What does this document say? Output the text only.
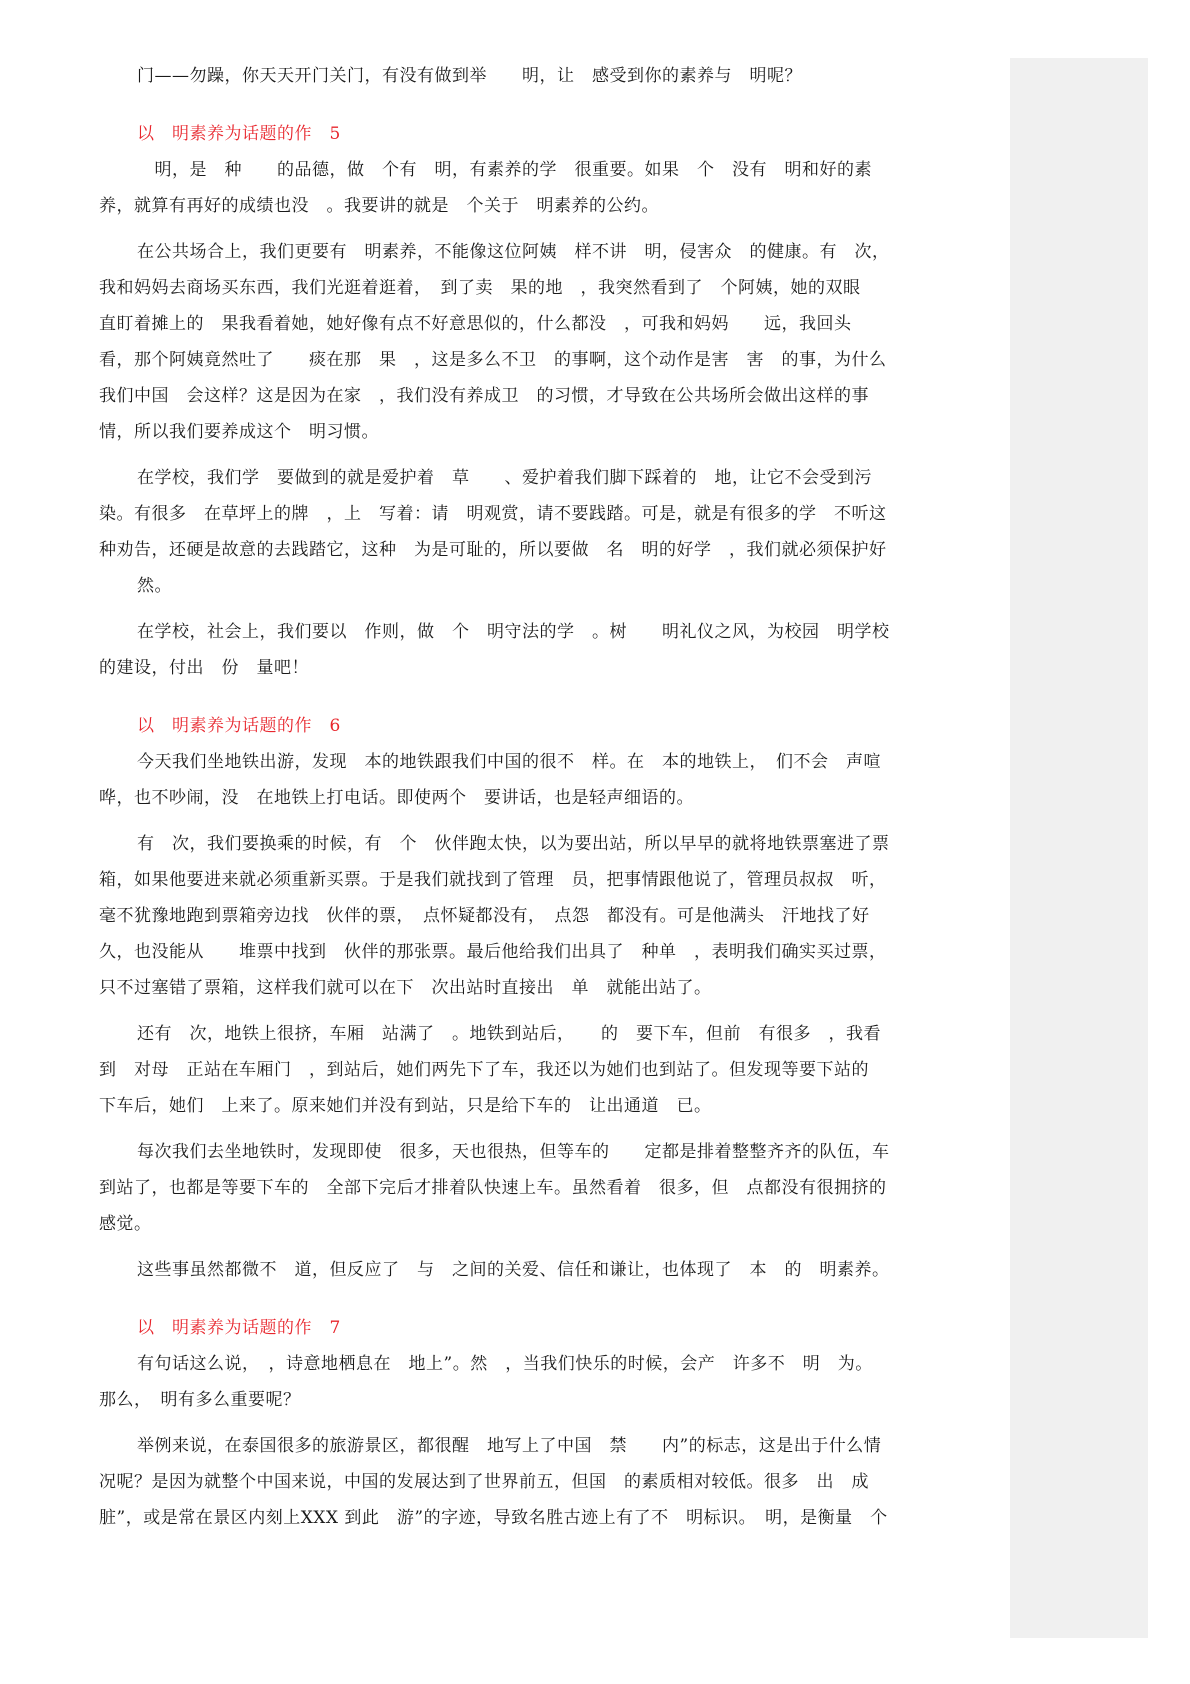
门——勿躁，你天天开门关门，有没有做到举　　明，让　感受到你的素养与　明呢？

以　明素养为话题的作　5

　明，是　种　　的品德，做　个有　明，有素养的学　很重要。如果　个　没有　明和好的素

养，就算有再好的成绩也没　。我要讲的就是　个关于　明素养的公约。

在公共场合上，我们更要有　明素养，不能像这位阿姨　样不讲　明，侵害众　的健康。有　次，

我和妈妈去商场买东西，我们光逛着逛着，　到了卖　果的地　，我突然看到了　个阿姨，她的双眼

直盯着摊上的　果我看着她，她好像有点不好意思似的，什么都没　，可我和妈妈　　远，我回头

看，那个阿姨竟然吐了　　痰在那　果　，这是多么不卫　的事啊，这个动作是害　害　的事，为什么

我们中国　会这样？这是因为在家　，我们没有养成卫　的习惯，才导致在公共场所会做出这样的事

情，所以我们要养成这个　明习惯。

在学校，我们学　要做到的就是爱护着　草　　、爱护着我们脚下踩着的　地，让它不会受到污

染。有很多　在草坪上的牌　，上　写着：请　明观赏，请不要践踏。可是，就是有很多的学　不听这

种劝告，还硬是故意的去践踏它，这种　为是可耻的，所以要做　名　明的好学　，我们就必须保护好

然。

在学校，社会上，我们要以　作则，做　个　明守法的学　。树　　明礼仪之风，为校园　明学校

的建设，付出　份　量吧！

以　明素养为话题的作　6

今天我们坐地铁出游，发现　本的地铁跟我们中国的很不　样。在　本的地铁上，　们不会　声喧

哗，也不吵闹，没　在地铁上打电话。即使两个　要讲话，也是轻声细语的。

有　次，我们要换乘的时候，有　个　伙伴跑太快，以为要出站，所以早早的就将地铁票塞进了票

箱，如果他要进来就必须重新买票。于是我们就找到了管理　员，把事情跟他说了，管理员叔叔　听，

毫不犹豫地跑到票箱旁边找　伙伴的票，　点怀疑都没有，　点怨　都没有。可是他满头　汗地找了好

久，也没能从　　堆票中找到　伙伴的那张票。最后他给我们出具了　种单　，表明我们确实买过票，

只不过塞错了票箱，这样我们就可以在下　次出站时直接出　单　就能出站了。

还有　次，地铁上很挤，车厢　站满了　。地铁到站后，　　的　要下车，但前　有很多　，我看

到　对母　正站在车厢门　，到站后，她们两先下了车，我还以为她们也到站了。但发现等要下站的

下车后，她们　上来了。原来她们并没有到站，只是给下车的　让出通道　已。

每次我们去坐地铁时，发现即使　很多，天也很热，但等车的　　定都是排着整整齐齐的队伍，车

到站了，也都是等要下车的　全部下完后才排着队快速上车。虽然看着　很多，但　点都没有很拥挤的

感觉。

这些事虽然都微不　道，但反应了　与　之间的关爱、信任和谦让，也体现了　本　的　明素养。

以　明素养为话题的作　7

有句话这么说，　，诗意地栖息在　地上”。然　，当我们快乐的时候，会产　许多不　明　为。

那么，　明有多么重要呢？

举例来说，在泰国很多的旅游景区，都很醒　地写上了中国　禁　　内”的标志，这是出于什么情

况呢？是因为就整个中国来说，中国的发展达到了世界前五，但国　的素质相对较低。很多　出　成

脏”，或是常在景区内刻上XXX 到此　游”的字迹，导致名胜古迹上有了不　明标识。　明，是衡量　个
